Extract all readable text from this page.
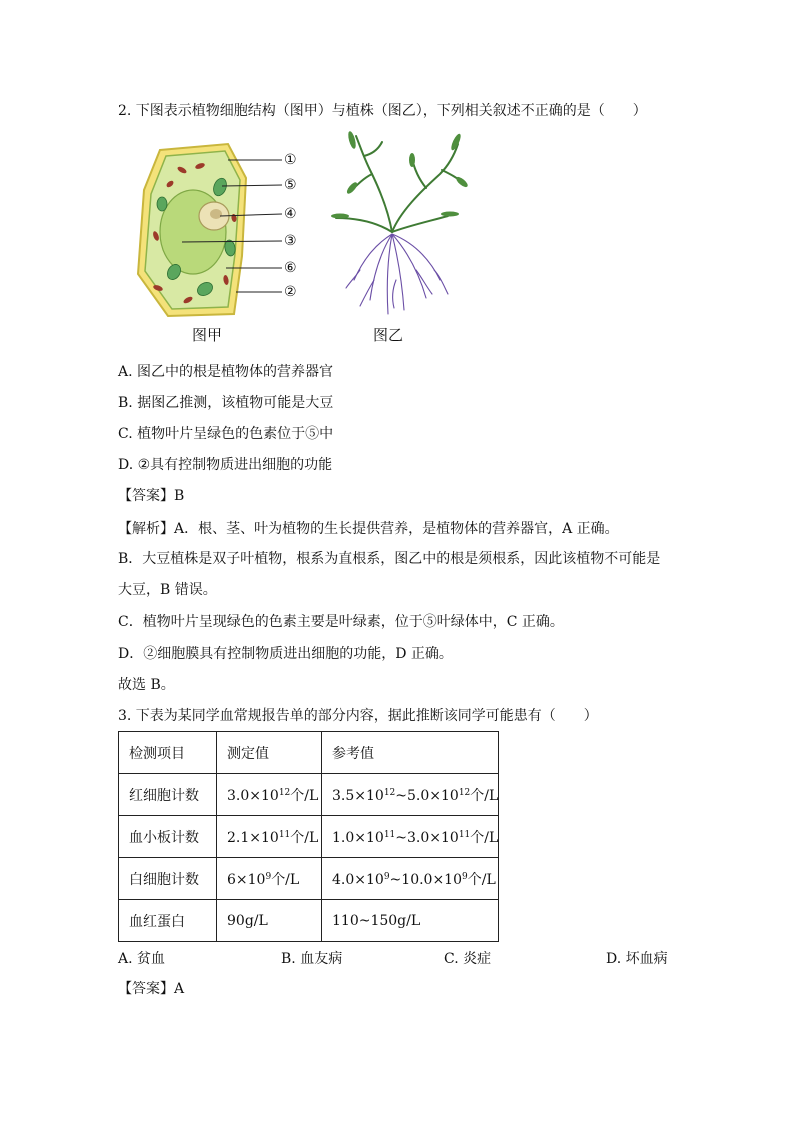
2. 下图表示植物细胞结构（图甲）与植株（图乙），下列相关叙述不正确的是（　　）
①
⑤
④
③
⑥
②
图甲	图乙
A. 图乙中的根是植物体的营养器官
B. 据图乙推测，该植物可能是大豆
C. 植物叶片呈绿色的色素位于⑤中
D. ②具有控制物质进出细胞的功能
【答案】B
【解析】A．根、茎、叶为植物的生长提供营养，是植物体的营养器官，A 正确。
B．大豆植株是双子叶植物，根系为直根系，图乙中的根是须根系，因此该植物不可能是
大豆，B 错误。
C．植物叶片呈现绿色的色素主要是叶绿素，位于⑤叶绿体中，C 正确。
D．②细胞膜具有控制物质进出细胞的功能，D 正确。
故选 B。
3. 下表为某同学血常规报告单的部分内容，据此推断该同学可能患有（　　）
检测项目	测定值	参考值
红细胞计数	$3.0\times 10^{12}$个/L	$3.5\times 10^{12}\sim 5.0\times 10^{12}$个/L
血小板计数	$2.1\times 10^{11}$个/L	$1.0\times 10^{11}\sim 3.0\times 10^{11}$个/L
白细胞计数	$6\times 10^9$个/L	$4.0\times 10^9\sim 10.0\times 10^9$个/L
血红蛋白	90g/L	110~150g/L
A. 贫血	B. 血友病	C. 炎症	D. 坏血病
【答案】A
